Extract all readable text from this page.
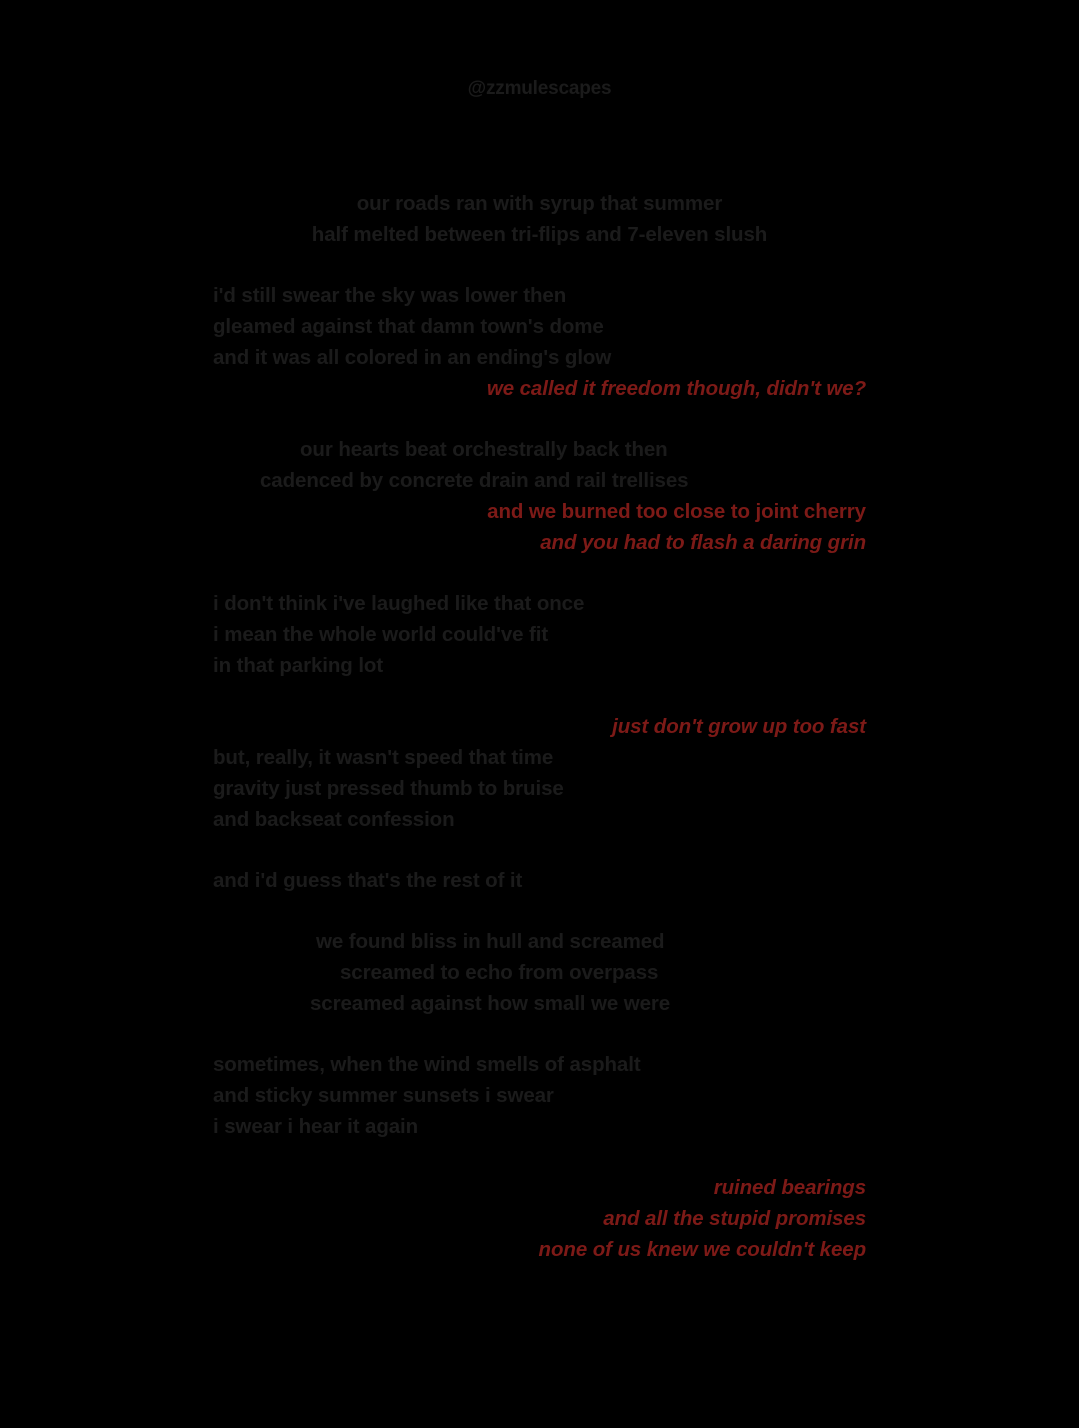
our roads ran with syrup that summer
half melted between tri-flips and 7-eleven slush
i'd still swear the sky was lower then
gleamed against that damn town's dome
and it was all colored in an ending's glow
we called it freedom though, didn't we?
our hearts beat orchestrally back then
cadenced by concrete drain and rail trellises
and we burned too close to joint cherry
and you had to flash a daring grin
i don't think i've laughed like that once
i mean the whole world could've fit
in that parking lot
just don't grow up too fast
but, really, it wasn't speed that time
gravity just pressed thumb to bruise
and backseat confession
and i'd guess that's the rest of it
we found bliss in hull and screamed
screamed to echo from overpass
screamed against how small we were
sometimes, when the wind smells of asphalt
and sticky summer sunsets i swear
i swear i hear it again
ruined bearings
and all the stupid promises
none of us knew we couldn't keep
@zzmulescapes
